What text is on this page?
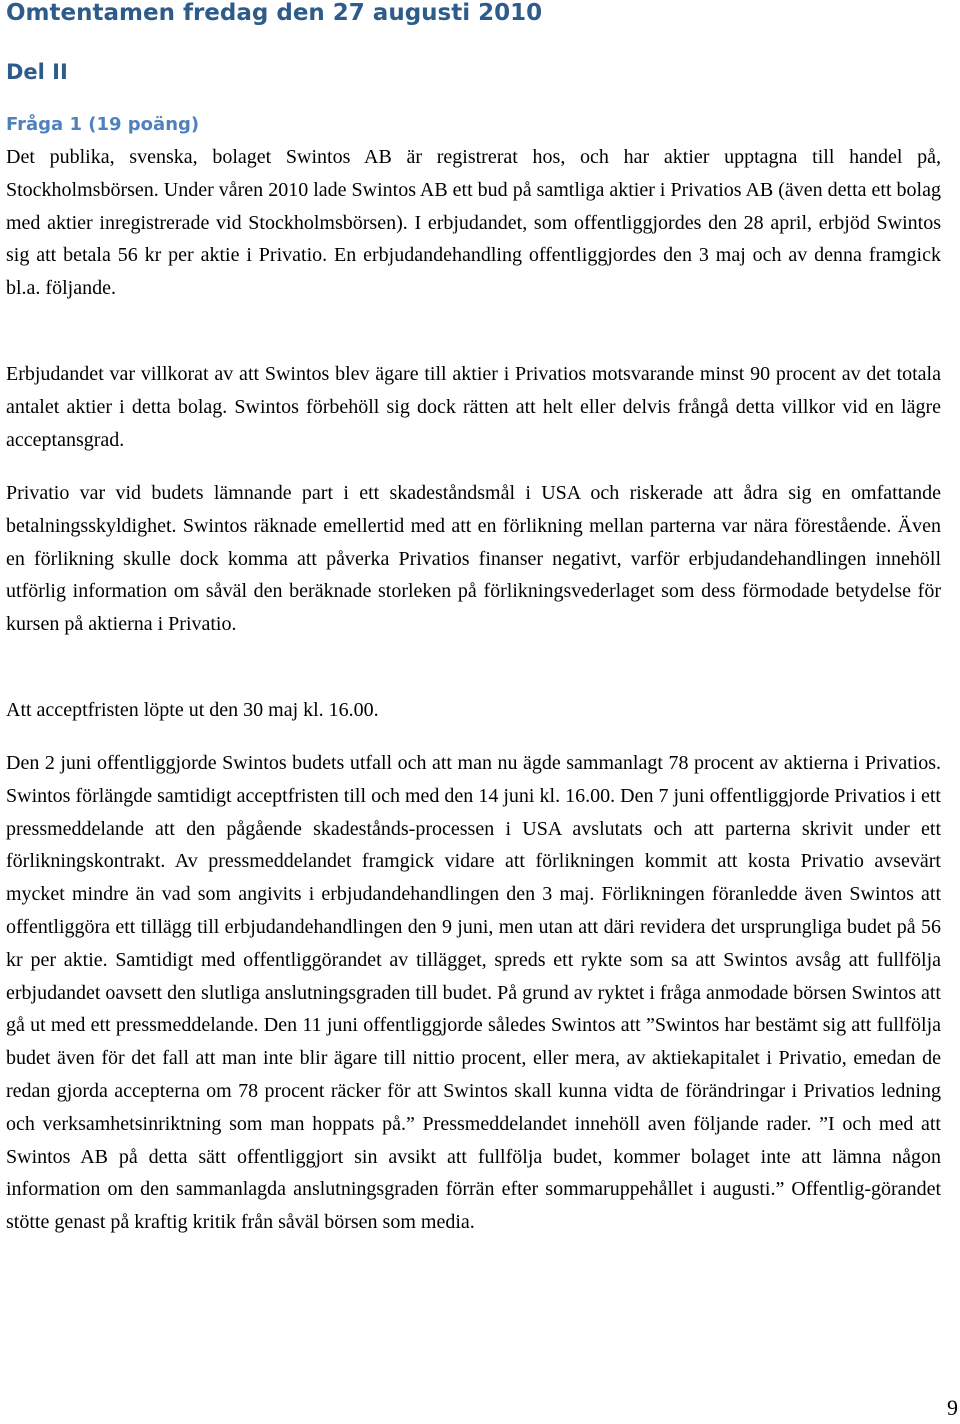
Omtentamen fredag den 27 augusti 2010
Del II
Fråga 1 (19 poäng)

Det publika, svenska, bolaget Swintos AB är registrerat hos, och har aktier upptagna till handel på, Stockholmsbörsen. Under våren 2010 lade Swintos AB ett bud på samtliga aktier i Privatios AB (även detta ett bolag med aktier inregistrerade vid Stockholmsbörsen). I erbjudandet, som offentliggjordes den 28 april, erbjöd Swintos sig att betala 56 kr per aktie i Privatio. En erbjudandehandling offentliggjordes den 3 maj och av denna framgick bl.a. följande.

Erbjudandet var villkorat av att Swintos blev ägare till aktier i Privatios motsvarande minst 90 procent av det totala antalet aktier i detta bolag. Swintos förbehöll sig dock rätten att helt eller delvis frångå detta villkor vid en lägre acceptansgrad.

Privatio var vid budets lämnande part i ett skadeståndsmål i USA och riskerade att ådra sig en omfattande betalningsskyldighet. Swintos räknade emellertid med att en förlikning mellan parterna var nära förestående. Även en förlikning skulle dock komma att påverka Privatios finanser negativt, varför erbjudandehandlingen innehöll utförlig information om såväl den beräknade storleken på förlikningsvederlaget som dess förmodade betydelse för kursen på aktierna i Privatio.

Att acceptfristen löpte ut den 30 maj kl. 16.00.

Den 2 juni offentliggjorde Swintos budets utfall och att man nu ägde sammanlagt 78 procent av aktierna i Privatios. Swintos förlängde samtidigt acceptfristen till och med den 14 juni kl. 16.00. Den 7 juni offentliggjorde Privatios i ett pressmeddelande att den pågående skadestånds-processen i USA avslutats och att parterna skrivit under ett förlikningskontrakt. Av pressmeddelandet framgick vidare att förlikningen kommit att kosta Privatio avsevärt mycket mindre än vad som angivits i erbjudandehandlingen den 3 maj. Förlikningen föranledde även Swintos att offentliggöra ett tillägg till erbjudandehandlingen den 9 juni, men utan att däri revidera det ursprungliga budet på 56 kr per aktie. Samtidigt med offentliggörandet av tillägget, spreds ett rykte som sa att Swintos avsåg att fullfölja erbjudandet oavsett den slutliga anslutningsgraden till budet. På grund av ryktet i fråga anmodade börsen Swintos att gå ut med ett pressmeddelande. Den 11 juni offentliggjorde således Swintos att ”Swintos har bestämt sig att fullfölja budet även för det fall att man inte blir ägare till nittio procent, eller mera, av aktiekapitalet i Privatio, emedan de redan gjorda accepterna om 78 procent räcker för att Swintos skall kunna vidta de förändringar i Privatios ledning och verksamhetsinriktning som man hoppats på.” Pressmeddelandet innehöll aven följande rader. ”I och med att Swintos AB på detta sätt offentliggjort sin avsikt att fullfölja budet, kommer bolaget inte att lämna någon information om den sammanlagda anslutningsgraden förrän efter sommaruppehållet i augusti.” Offentlig-görandet stötte genast på kraftig kritik från såväl börsen som media.

9
